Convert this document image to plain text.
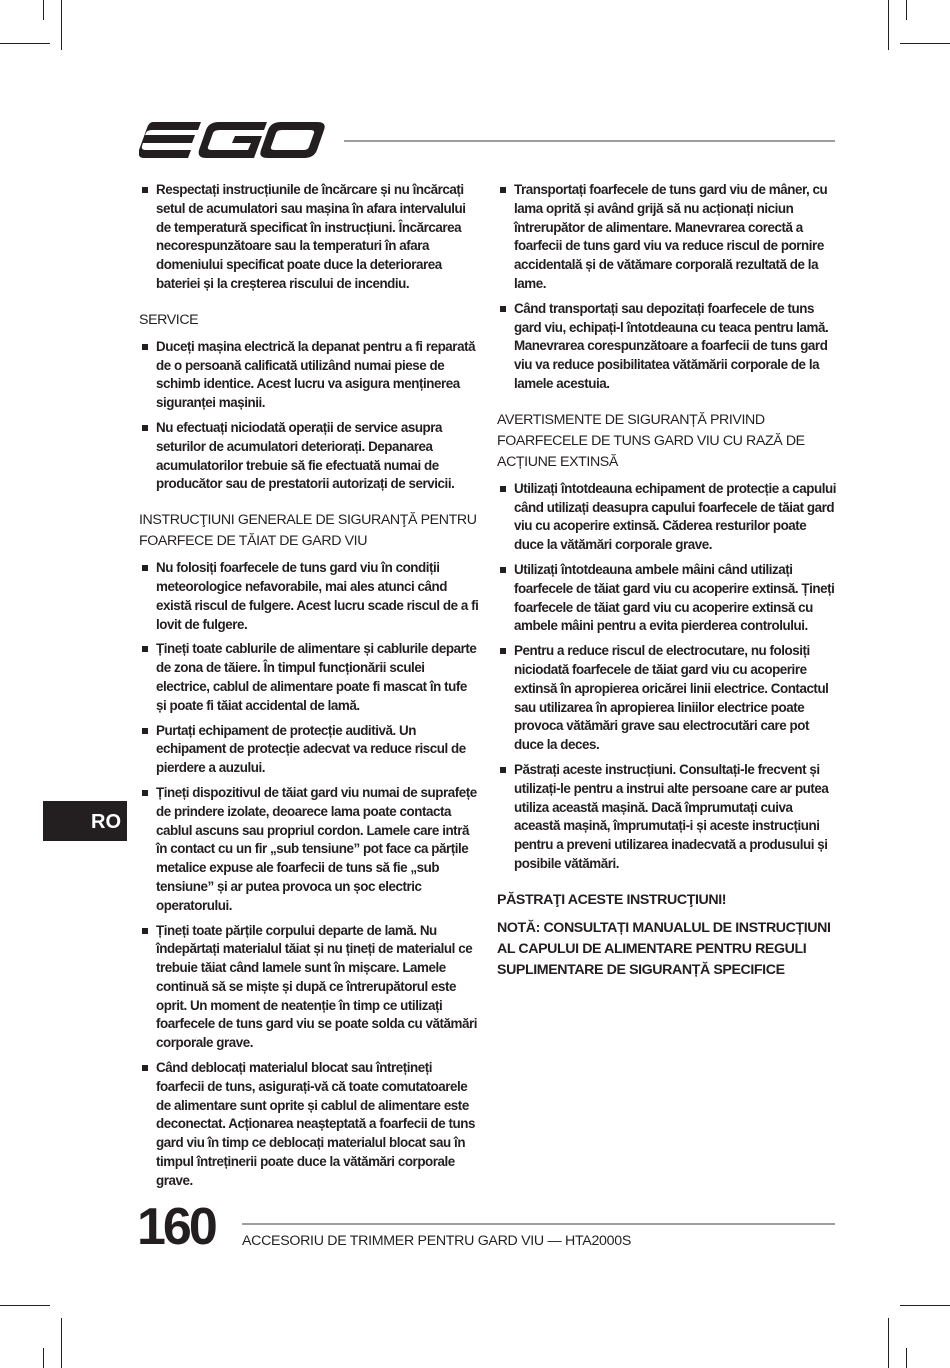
Respectați instrucțiunile de încărcare și nu încărcați setul de acumulatori sau mașina în afara intervalului de temperatură specificat în instrucțiuni. Încărcarea necorespunzătoare sau la temperaturi în afara domeniului specificat poate duce la deteriorarea bateriei și la creșterea riscului de incendiu.
SERVICE
Duceți mașina electrică la depanat pentru a fi reparată de o persoană calificată utilizând numai piese de schimb identice. Acest lucru va asigura menținerea siguranței mașinii.
Nu efectuați niciodată operații de service asupra seturilor de acumulatori deteriorați. Depanarea acumulatorilor trebuie să fie efectuată numai de producător sau de prestatorii autorizați de servicii.
INSTRUCŢIUNI GENERALE DE SIGURANŢĂ PENTRU FOARFECE DE TĂIAT DE GARD VIU
Nu folosiți foarfecele de tuns gard viu în condiții meteorologice nefavorabile, mai ales atunci când există riscul de fulgere. Acest lucru scade riscul de a fi lovit de fulgere.
Țineți toate cablurile de alimentare și cablurile departe de zona de tăiere. În timpul funcționării sculei electrice, cablul de alimentare poate fi mascat în tufe și poate fi tăiat accidental de lamă.
Purtați echipament de protecție auditivă. Un echipament de protecție adecvat va reduce riscul de pierdere a auzului.
Țineți dispozitivul de tăiat gard viu numai de suprafețe de prindere izolate, deoarece lama poate contacta cablul ascuns sau propriul cordon. Lamele care intră în contact cu un fir „sub tensiune” pot face ca părțile metalice expuse ale foarfecii de tuns să fie „sub tensiune” și ar putea provoca un șoc electric operatorului.
Țineți toate părțile corpului departe de lamă. Nu îndepărtați materialul tăiat și nu țineți de materialul ce trebuie tăiat când lamele sunt în mișcare. Lamele continuă să se miște și după ce întrerupătorul este oprit. Un moment de neatenție în timp ce utilizați foarfecele de tuns gard viu se poate solda cu vătămări corporale grave.
Când deblocați materialul blocat sau întrețineți foarfecii de tuns, asigurați-vă că toate comutatoarele de alimentare sunt oprite și cablul de alimentare este deconectat. Acționarea neașteptată a foarfecii de tuns gard viu în timp ce deblocați materialul blocat sau în timpul întreținerii poate duce la vătămări corporale grave.
Transportați foarfecele de tuns gard viu de mâner, cu lama oprită și având grijă să nu acționați niciun întrerupător de alimentare. Manevrarea corectă a foarfecii de tuns gard viu va reduce riscul de pornire accidentală și de vătămare corporală rezultată de la lame.
Când transportați sau depozitați foarfecele de tuns gard viu, echipați-l întotdeauna cu teaca pentru lamă. Manevrarea corespunzătoare a foarfecii de tuns gard viu va reduce posibilitatea vătămării corporale de la lamele acestuia.
AVERTISMENTE DE SIGURANȚĂ PRIVIND FOARFECELE DE TUNS GARD VIU CU RAZĂ DE ACȚIUNE EXTINSĂ
Utilizați întotdeauna echipament de protecție a capului când utilizați deasupra capului foarfecele de tăiat gard viu cu acoperire extinsă. Căderea resturilor poate duce la vătămări corporale grave.
Utilizați întotdeauna ambele mâini când utilizați foarfecele de tăiat gard viu cu acoperire extinsă. Țineți foarfecele de tăiat gard viu cu acoperire extinsă cu ambele mâini pentru a evita pierderea controlului.
Pentru a reduce riscul de electrocutare, nu folosiți niciodată foarfecele de tăiat gard viu cu acoperire extinsă în apropierea oricărei linii electrice. Contactul sau utilizarea în apropierea liniilor electrice poate provoca vătămări grave sau electrocutări care pot duce la deces.
Păstrați aceste instrucțiuni. Consultați-le frecvent și utilizați-le pentru a instrui alte persoane care ar putea utiliza această mașină. Dacă împrumutați cuiva această mașină, împrumutați-i și aceste instrucțiuni pentru a preveni utilizarea inadecvată a produsului și posibile vătămări.
PĂSTRAŢI ACESTE INSTRUCŢIUNI!
NOTĂ: CONSULTAȚI MANUALUL DE INSTRUCȚIUNI AL CAPULUI DE ALIMENTARE PENTRU REGULI SUPLIMENTARE DE SIGURANȚĂ SPECIFICE
RO
160 ACCESORIU DE TRIMMER PENTRU GARD VIU — HTA2000S
